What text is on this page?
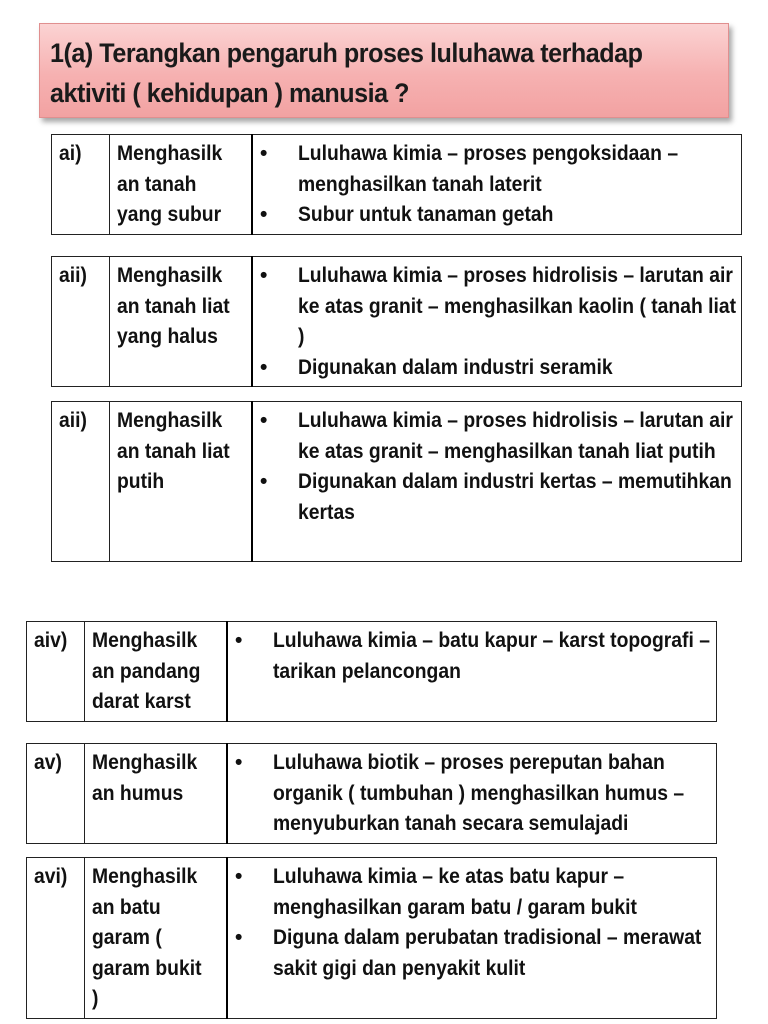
1(a) Terangkan pengaruh proses luluhawa terhadap
aktiviti ( kehidupan ) manusia ?
ai)	Menghasilk
an tanah
yang subur	
• Luluhawa kimia – proses pengoksidaan – menghasilkan tanah laterit
• Subur untuk tanaman getah
aii)	Menghasilk
an tanah liat
yang halus	
• Luluhawa kimia – proses hidrolisis – larutan air ke atas granit – menghasilkan kaolin ( tanah liat )
• Digunakan dalam industri seramik
aii)	Menghasilk
an tanah liat
putih	
• Luluhawa kimia – proses hidrolisis – larutan air ke atas granit – menghasilkan tanah liat putih
• Digunakan dalam industri kertas – memutihkan kertas
aiv)	Menghasilk
an pandang
darat karst	
• Luluhawa kimia – batu kapur – karst topografi – tarikan pelancongan
av)	Menghasilk
an humus	
• Luluhawa biotik – proses pereputan bahan organik ( tumbuhan ) menghasilkan humus – menyuburkan tanah secara semulajadi
avi)	Menghasilk
an batu
garam (
garam bukit
)	
• Luluhawa kimia – ke atas batu kapur – menghasilkan garam batu / garam bukit
• Diguna dalam perubatan tradisional – merawat sakit gigi dan penyakit kulit
